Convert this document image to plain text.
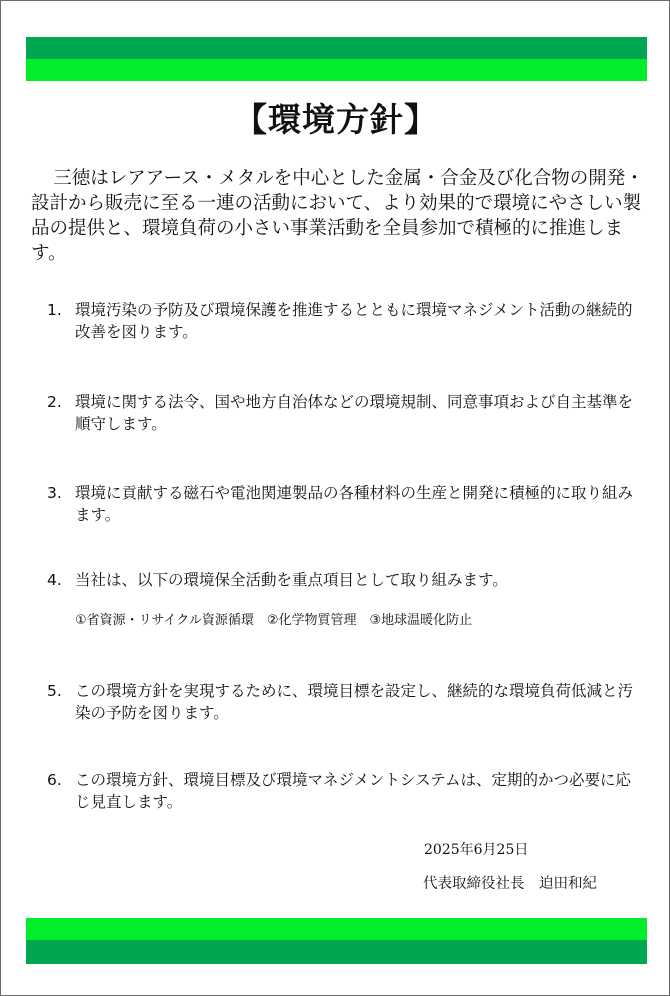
【環境方針】
三徳はレアアース・メタルを中心とした金属・合金及び化合物の開発・設計から販売に至る一連の活動において、より効果的で環境にやさしい製品の提供と、環境負荷の小さい事業活動を全員参加で積極的に推進します。
1. 環境汚染の予防及び環境保護を推進するとともに環境マネジメント活動の継続的改善を図ります。
2. 環境に関する法令、国や地方自治体などの環境規制、同意事項および自主基準を順守します。
3. 環境に貢献する磁石や電池関連製品の各種材料の生産と開発に積極的に取り組みます。
4. 当社は、以下の環境保全活動を重点項目として取り組みます。
①省資源・リサイクル資源循環　②化学物質管理　③地球温暖化防止
5. この環境方針を実現するために、環境目標を設定し、継続的な環境負荷低減と汚染の予防を図ります。
6. この環境方針、環境目標及び環境マネジメントシステムは、定期的かつ必要に応じ見直します。
2025年6月25日
代表取締役社長　迫田和紀
